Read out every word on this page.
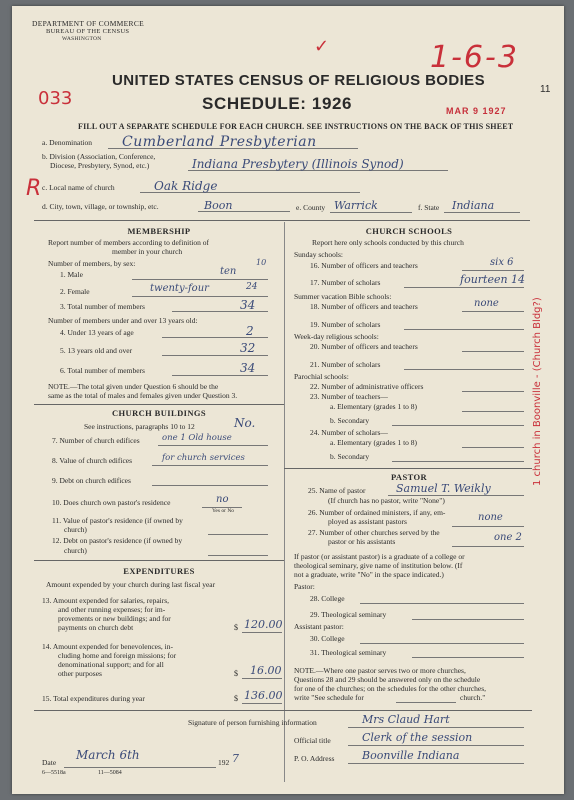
DEPARTMENT OF COMMERCE
BUREAU OF THE CENSUS
WASHINGTON	✓	1-6-3
11
UNITED STATES CENSUS OF RELIGIOUS BODIES
033	SCHEDULE: 1926	MAR 9 1927
FILL OUT A SEPARATE SCHEDULE FOR EACH CHURCH. SEE INSTRUCTIONS ON THE BACK OF THIS SHEET
a. Denomination Cumberland Presbyterian
b. Division (Association, Conference,
Diocese, Presbytery, Synod, etc.)	Indiana Presbytery (Illinois Synod)
R c. Local name of church	Oak Ridge
d. City, town, village, or township, etc.	Boon	e. County Warrick	f. State Indiana
1 church in Boonville - (Church Bldg?)
MEMBERSHIP
Report number of members according to definition of
member in your church
Number of members, by sex:
1. Male	ten
10
2. Female	twenty-four	24
3. Total number of members	34
Number of members under and over 13 years old:
4. Under 13 years of age	2
5. 13 years old and over	32
6. Total number of members	34
NOTE.—The total given under Question 6 should be the
same as the total of males and females given under Question 3.
CHURCH BUILDINGS
See instructions, paragraphs 10 to 12	No.
7. Number of church edifices	one 1 Old house
8. Value of church edifices	for church services
9. Debt on church edifices
10. Does church own pastor's residence	no
Yes or No
11. Value of pastor's residence (if owned by
church)
12. Debt on pastor's residence (if owned by
church)
EXPENDITURES
Amount expended by your church during last fiscal year
13. Amount expended for salaries, repairs,
and other running expenses; for im-
provements or new buildings; and for
payments on church debt	$ 120.00
14. Amount expended for benevolences, in-
cluding home and foreign missions; for
denominational support; and for all
other purposes	$ 16.00
15. Total expenditures during year	$ 136.00
CHURCH SCHOOLS
Report here only schools conducted by this church
Sunday schools:
16. Number of officers and teachers	six 6
17. Number of scholars	fourteen 14
Summer vacation Bible schools:
18. Number of officers and teachers	none
19. Number of scholars
Week-day religious schools:
20. Number of officers and teachers
21. Number of scholars
Parochial schools:
22. Number of administrative officers
23. Number of teachers—
a. Elementary (grades 1 to 8)
b. Secondary
24. Number of scholars—
a. Elementary (grades 1 to 8)
b. Secondary
PASTOR
25. Name of pastor	Samuel T. Weikly
(If church has no pastor, write "None")
26. Number of ordained ministers, if any, em-
ployed as assistant pastors	none
27. Number of other churches served by the
pastor or his assistants	one 2
If pastor (or assistant pastor) is a graduate of a college or
theological seminary, give name of institution below. (If
not a graduate, write "No" in the space indicated.)
Pastor:
28. College
29. Theological seminary
Assistant pastor:
30. College
31. Theological seminary
NOTE.—Where one pastor serves two or more churches,
Questions 28 and 29 should be answered only on the schedule
for one of the churches; on the schedules for the other churches,
write "See schedule for	church."
Signature of person furnishing information	Mrs Claud Hart
Official title	Clerk of the session
P. O. Address	Boonville Indiana
Date
March 6th
192 7
6—5518a	11—5084
